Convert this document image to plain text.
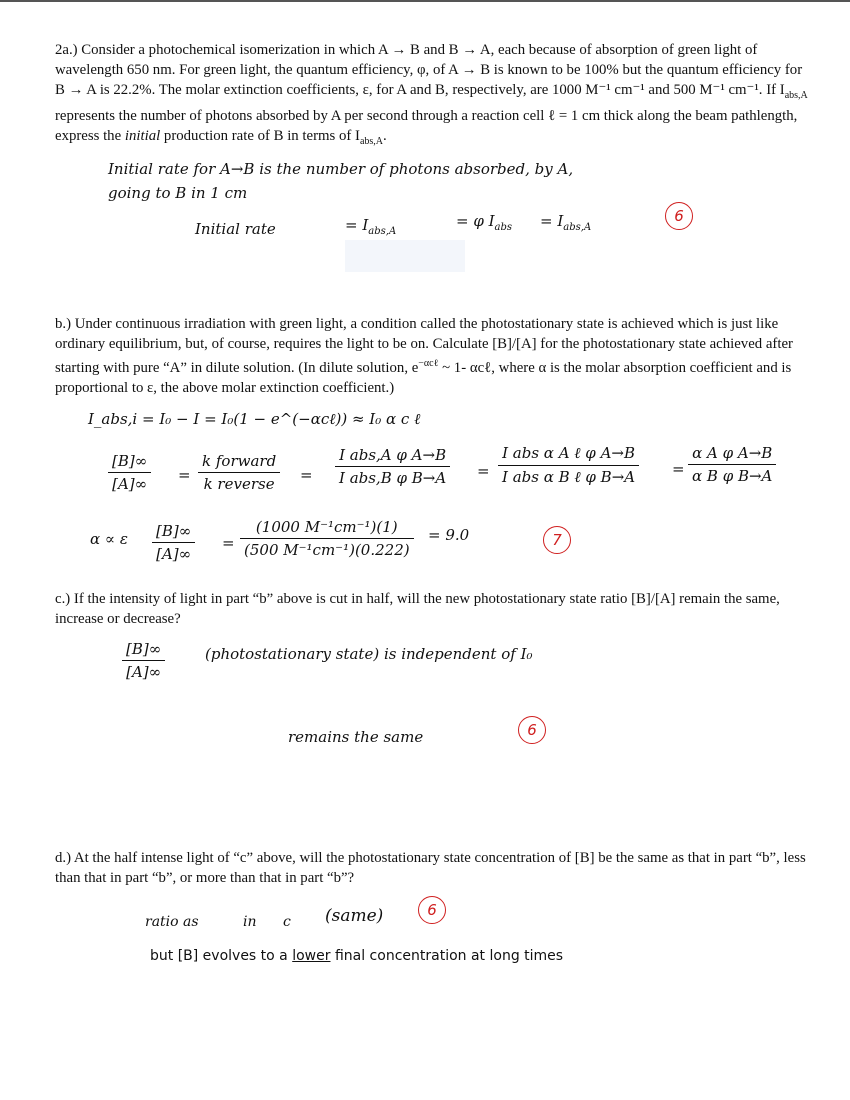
2a.) Consider a photochemical isomerization in which A → B and B → A, each because of absorption of green light of wavelength 650 nm. For green light, the quantum efficiency, φ, of A → B is known to be 100% but the quantum efficiency for B → A is 22.2%. The molar extinction coefficients, ε, for A and B, respectively, are 1000 M⁻¹ cm⁻¹ and 500 M⁻¹ cm⁻¹. If $I_{abs,A}$ represents the number of photons absorbed by A per second through a reaction cell ℓ = 1 cm thick along the beam pathlength, express the initial production rate of B in terms of $I_{abs,A}$.
Initial rate for A→B is the number of photons absorbed, by A,
going to B in 1 cm
Initial rate	= $I_{abs,A}$
= φ $I_{abs} = I_{abs,A}$
6
b.) Under continuous irradiation with green light, a condition called the photostationary state is achieved which is just like ordinary equilibrium, but, of course, requires the light to be on. Calculate [B]/[A] for the photostationary state achieved after starting with pure “A” in dilute solution. (In dilute solution, $e^{-\alpha c\ell}$ ~ 1- αcℓ, where α is the molar absorption coefficient and is proportional to ε, the above molar extinction coefficient.)
I_abs,i = I₀ − I = I₀(1 − e^(−αcℓ)) ≈ I₀ α c ℓ
$\frac{[B]\infty}{[A]\infty}$ =
k forward
k reverse	=
I abs,A φ A→B
I abs,B φ B→A =
I abs α A ℓ φ A→B
I abs α B ℓ φ $B\to A = \frac{\text{α A φ A→B}}{\text{α B φ B→A}}$
α ∝ ε $\frac{[B]\infty}{[A]\infty} = \frac{\text{(1000 M⁻¹cm⁻¹)(1)}}{\text{(500 M⁻¹cm⁻¹)(0.222)}} = 9.0$	7
c.) If the intensity of light in part “b” above is cut in half, will the new photostationary state ratio [B]/[A] remain the same, increase or decrease?
$\frac{[B]\infty}{[A]\infty}$	(photostationary state) is independent of I₀
remains the same	6
d.) At the half intense light of “c” above, will the photostationary state concentration of [B] be the same as that in part “b”, less than that in part “b”, or more than that in part “b”?
ratio as	in c (same)	6
but [B] evolves to a lower final concentration at long times
